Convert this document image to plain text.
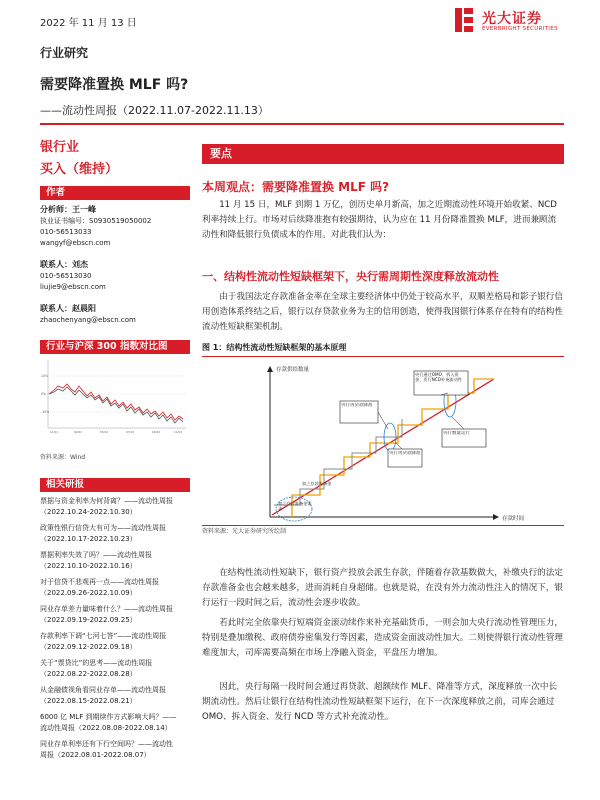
2022 年 11 月 13 日	光大证券
EVERBRIGHT SECURITIES
行业研究
需要降准置换 MLF 吗?
——流动性周报（2022.11.07-2022.11.13）
银行业
买入（维持）
作者
分析师：王一峰
执业证书编号：S0930519050002
010-56513033
wangyf@ebscn.com
联系人：刘杰
010-56513030
liujie9@ebscn.com
联系人：赵晨阳
zhaochenyang@ebscn.com
行业与沪深 300 指数对比图
10%
0%
-10%
11/21	02/22	05/22	07/22	09/22	11/22
资料来源：Wind
相关研报
票据与资金利率为何背离？——流动性周报
（2022.10.24-2022.10.30）
政策性银行信贷大有可为——流动性周报
（2022.10.17-2022.10.23）
票据利率失效了吗？——流动性周报
（2022.10.10-2022.10.16）
对于信贷不悲观再一点——流动性周报
（2022.09.26-2022.10.09）
同业存单差力量味着什么？——流动性周报
（2022.09.19-2022.09.25）
存款利率下调“七河七答”——流动性周报
（2022.09.12-2022.09.18）
关于“票贷比”的思考——流动性周报
（2022.08.22-2022.08.28）
从金融债视角看同业存单——流动性周报
（2022.08.15-2022.08.21）
6000 亿 MLF 到期续作方式影响大吗？——
流动性周报（2022.08.08-2022.08.14）
同业存单利率还有下行空间吗？——流动性
周报（2022.08.01-2022.08.07）
要点
本周观点：需要降准置换 MLF 吗?
11 月 15 日，MLF 到期 1 万亿，创历史单月新高，加之近期流动性环境开始收紧、NCD 利率持续上行。市场对后续降准抱有较强期待，认为应在 11 月份降准置换 MLF，进而兼顾流动性和降低银行负债成本的作用。对此我们认为：
一、结构性流动性短缺框架下，央行需周期性深度释放流动性
由于我国法定存款准备金率在全球主要经济体中仍处于较高水平，双顺差格局和影子银行信用创造体系终结之后，银行以存贷款业务为主的信用创造，使得我国银行体系存在特有的结构性流动性短缺框架机制。
图 1：结构性流动性短缺框架的基本原理
存款供给数量
存款时间
央行通过OMO、拆入资金、发行NCD补充流动性
央行再贷款降准
央行数量运行
央行再贷款降准
加之存款准备金需求
加之存款准备金
资料来源：光大证券研究所绘制
在结构性流动性短缺下，银行资产投放会派生存款，伴随着存款基数做大，补缴央行的法定存款准备金也会越来越多，进而消耗自身超储。也就是说，在没有外力流动性注入的情况下，银行运行一段时间之后，流动性会逐步收敛。
若此时完全依靠央行短端资金滚动续作来补充基础货币，一则会加大央行流动性管理压力，特别是叠加缴税、政府债券密集发行等因素，造成资金面波动性加大。二则使得银行流动性管理难度加大，司库需要高频在市场上净融入资金，平盘压力增加。
因此，央行每隔一段时间会通过再贷款、超额续作 MLF、降准等方式，深度释放一次中长期流动性。然后让银行在结构性流动性短缺框架下运行，在下一次深度释放之前，司库会通过 OMO、拆入资金、发行 NCD 等方式补充流动性。
